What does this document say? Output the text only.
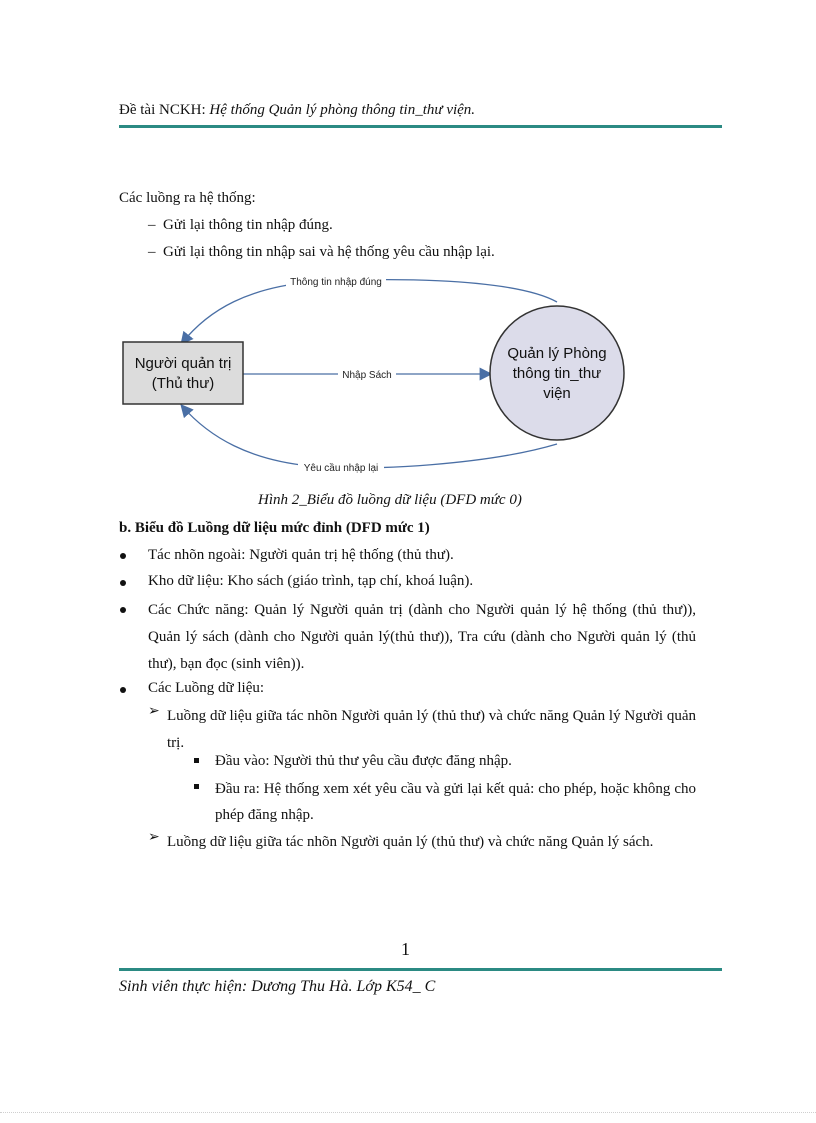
Đề tài NCKH: Hệ thống Quản lý phòng thông tin_thư viện.
Các luồng ra hệ thống:
–  Gửi lại thông tin nhập đúng.
–  Gửi lại thông tin nhập sai và hệ thống yêu cầu nhập lại.
Người quản trị
(Thủ thư)
Quản lý Phòng
thông tin_thư
viện
Thông tin nhập đúng
Nhập Sách
Yêu cầu nhập lại
Hình 2_Biểu đồ luồng dữ liệu (DFD mức 0)
b. Biểu đồ Luồng dữ liệu mức đỉnh (DFD mức 1)
Tác nhõn ngoài: Người quản trị hệ thống (thủ thư).
Kho dữ liệu: Kho sách (giáo trình, tạp chí, khoá luận).
Các Chức năng: Quản lý Người quản trị (dành cho Người quản lý hệ thống (thủ thư)), Quản lý sách (dành cho Người quản lý(thủ thư)), Tra cứu (dành cho Người quản lý (thủ thư), bạn đọc (sinh viên)).
Các Luồng dữ liệu:
➢ Luồng dữ liệu giữa tác nhõn Người quản lý (thủ thư) và chức năng Quản lý Người quản trị.
Đầu vào: Người thủ thư yêu cầu được đăng nhập.
Đầu ra: Hệ thống xem xét yêu cầu và gửi lại kết quả: cho phép, hoặc không cho phép đăng nhập.
➢ Luồng dữ liệu giữa tác nhõn Người quản lý (thủ thư) và chức năng Quản lý sách.
1
Sinh viên thực hiện: Dương Thu Hà. Lớp K54_ C
